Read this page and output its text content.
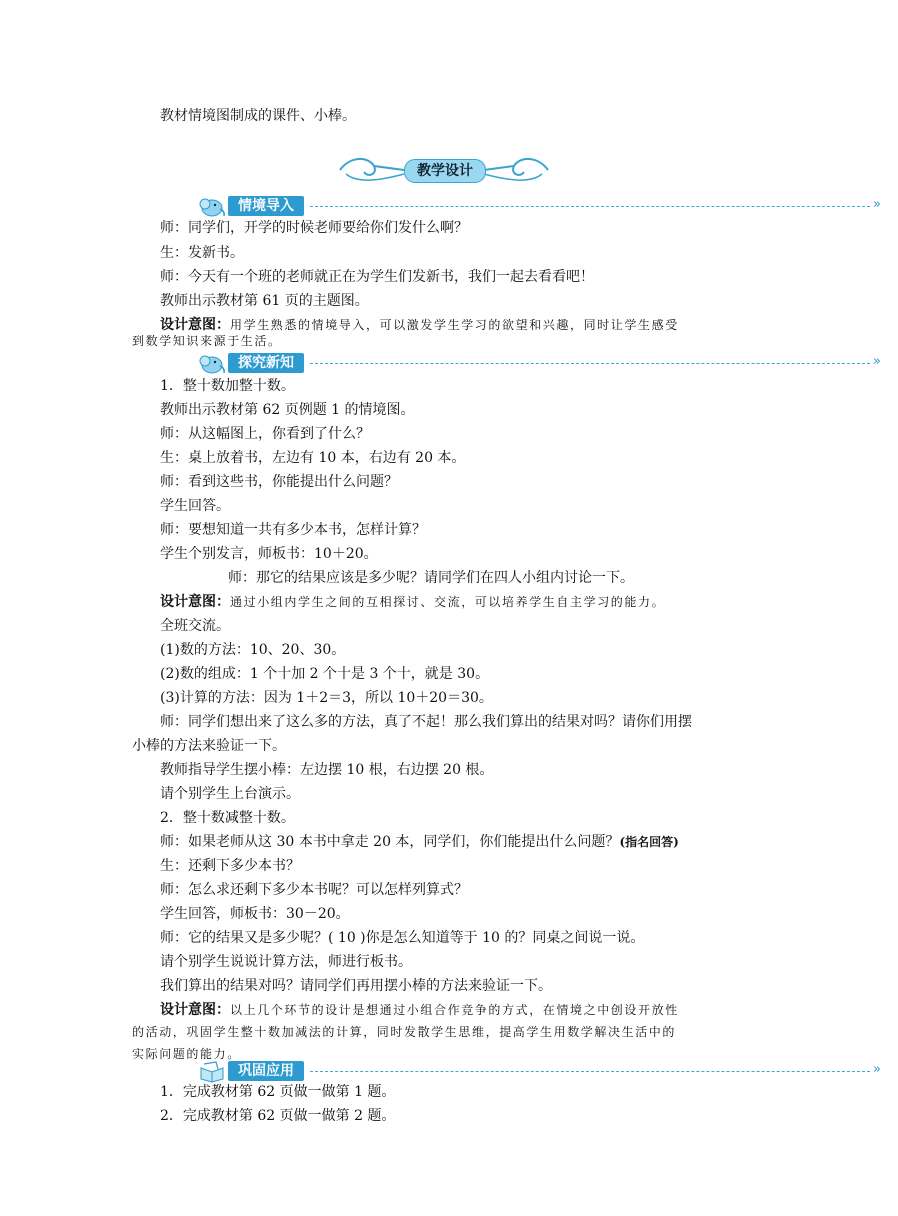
教材情境图制成的课件、小棒。
教学设计
情境导入	»
师：同学们，开学的时候老师要给你们发什么啊？
生：发新书。
师：今天有一个班的老师就正在为学生们发新书，我们一起去看看吧！
教师出示教材第 61 页的主题图。
设计意图：用学生熟悉的情境导入，可以激发学生学习的欲望和兴趣，同时让学生感受
到数学知识来源于生活。
探究新知	»
1．整十数加整十数。
教师出示教材第 62 页例题 1 的情境图。
师：从这幅图上，你看到了什么？
生：桌上放着书，左边有 10 本，右边有 20 本。
师：看到这些书，你能提出什么问题？
学生回答。
师：要想知道一共有多少本书，怎样计算？
学生个别发言，师板书：10＋20。
师：那它的结果应该是多少呢？请同学们在四人小组内讨论一下。
设计意图：通过小组内学生之间的互相探讨、交流，可以培养学生自主学习的能力。
全班交流。
(1)数的方法：10、20、30。
(2)数的组成：1 个十加 2 个十是 3 个十，就是 30。
(3)计算的方法：因为 1＋2＝3，所以 10＋20＝30。
师：同学们想出来了这么多的方法，真了不起！那么我们算出的结果对吗？请你们用摆
小棒的方法来验证一下。
教师指导学生摆小棒：左边摆 10 根，右边摆 20 根。
请个别学生上台演示。
2．整十数减整十数。
师：如果老师从这 30 本书中拿走 20 本，同学们，你们能提出什么问题？(指名回答)
生：还剩下多少本书？
师：怎么求还剩下多少本书呢？可以怎样列算式？
学生回答，师板书：30－20。
师：它的结果又是多少呢？( 10 )你是怎么知道等于 10 的？同桌之间说一说。
请个别学生说说计算方法，师进行板书。
我们算出的结果对吗？请同学们再用摆小棒的方法来验证一下。
设计意图：以上几个环节的设计是想通过小组合作竞争的方式，在情境之中创设开放性
的活动，巩固学生整十数加减法的计算，同时发散学生思维，提高学生用数学解决生活中的
实际问题的能力。
巩固应用	»
1．完成教材第 62 页做一做第 1 题。
2．完成教材第 62 页做一做第 2 题。
